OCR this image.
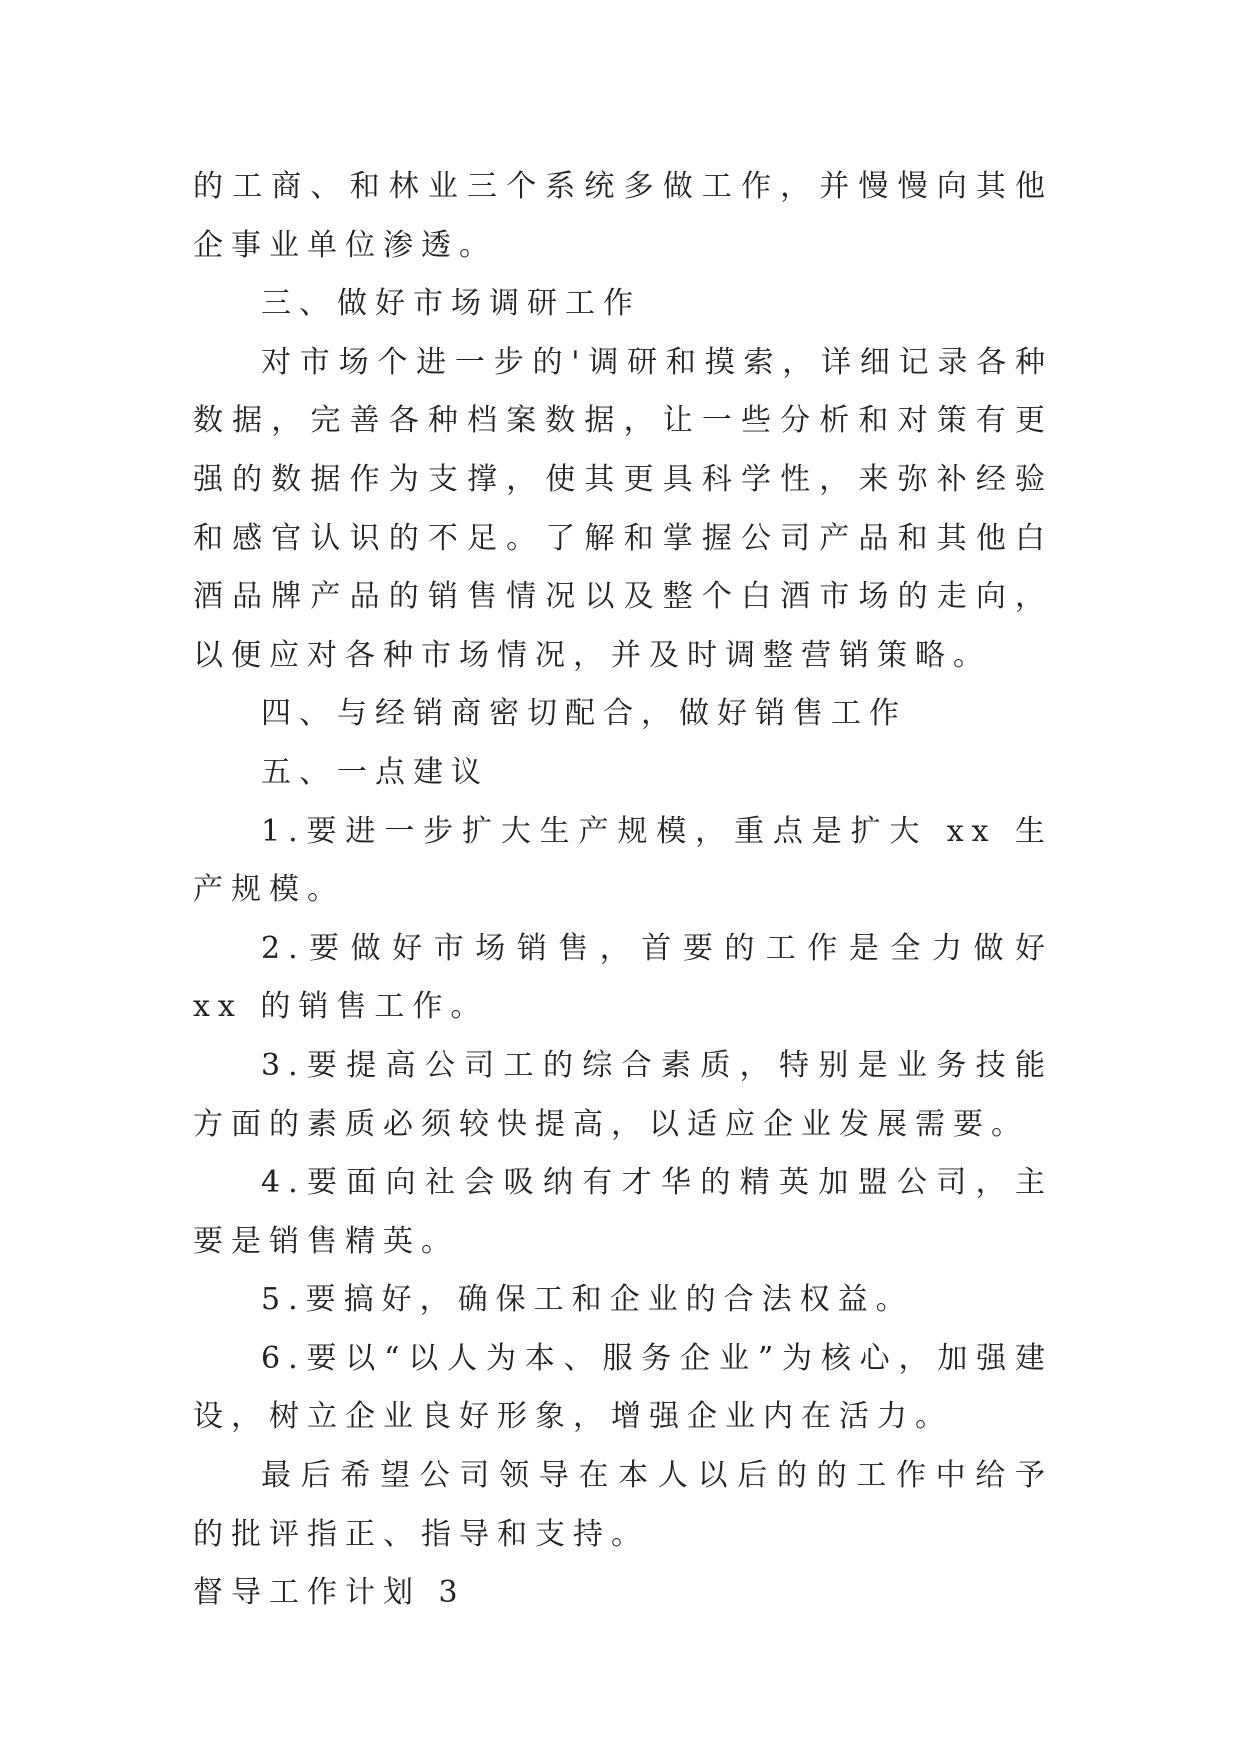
的工商、和林业三个系统多做工作，并慢慢向其他企事业单位渗透。

三、做好市场调研工作

对市场个进一步的'调研和摸索，详细记录各种数据，完善各种档案数据，让一些分析和对策有更强的数据作为支撑，使其更具科学性，来弥补经验和感官认识的不足。了解和掌握公司产品和其他白酒品牌产品的销售情况以及整个白酒市场的走向，以便应对各种市场情况，并及时调整营销策略。

四、与经销商密切配合，做好销售工作

五、一点建议

1.要进一步扩大生产规模，重点是扩大 xx 生产规模。

2.要做好市场销售，首要的工作是全力做好 xx 的销售工作。

3.要提高公司工的综合素质，特别是业务技能方面的素质必须较快提高，以适应企业发展需要。

4.要面向社会吸纳有才华的精英加盟公司，主要是销售精英。

5.要搞好，确保工和企业的合法权益。

6.要以“以人为本、服务企业”为核心，加强建设，树立企业良好形象，增强企业内在活力。

最后希望公司领导在本人以后的的工作中给予的批评指正、指导和支持。

督导工作计划 3
